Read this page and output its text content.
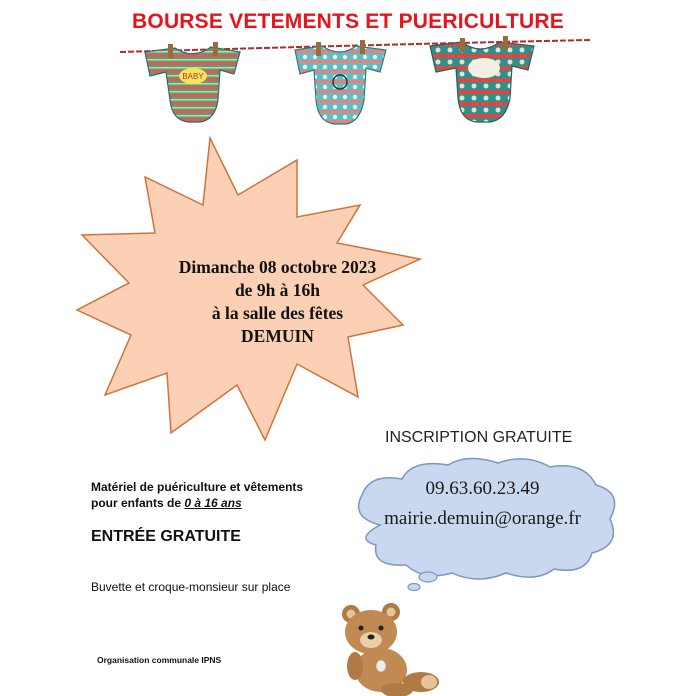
BOURSE VETEMENTS ET PUERICULTURE
BABY
Dimanche 08 octobre 2023
de 9h à 16h
à la salle des fêtes
DEMUIN
INSCRIPTION GRATUITE
09.63.60.23.49
mairie.demuin@orange.fr
Matériel de puériculture et vêtements
pour enfants de 0 à 16 ans
ENTRÉE GRATUITE
Buvette et croque-monsieur sur place
Organisation communale IPNS
